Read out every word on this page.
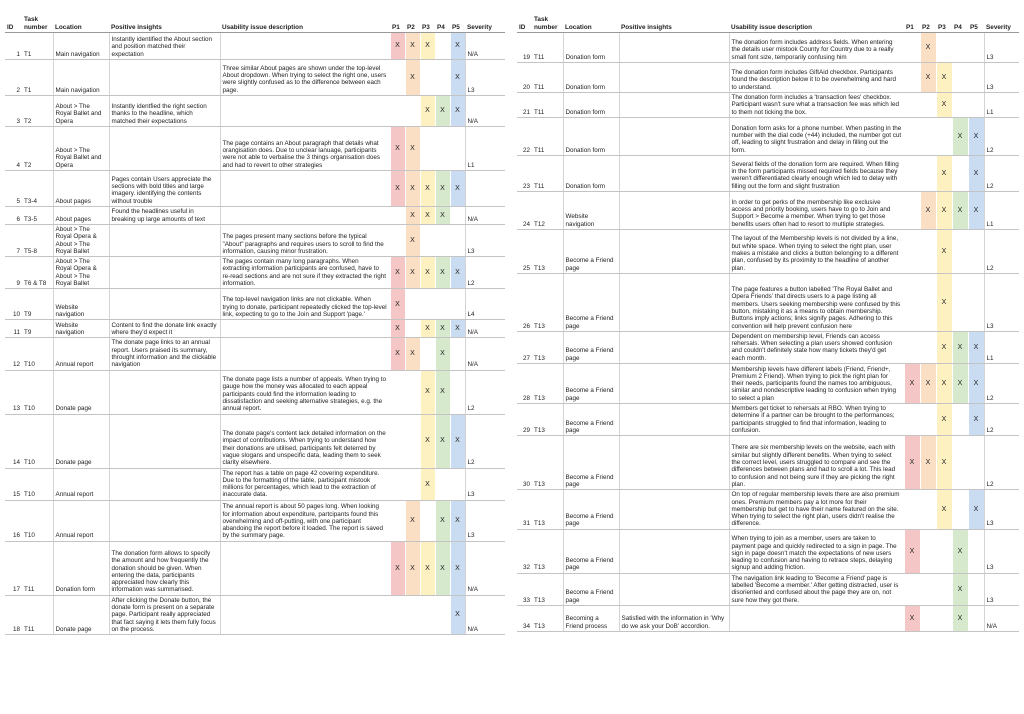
ID	Task number	Location	Positive insights	Usability issue description	P1	P2	P3	P4	P5	Severity
1	T1	Main navigation	Instantly identified the About section and position matched their expectation		X	X	X		X	N/A
2	T1	Main navigation		Three similar About pages are shown under the top-level About dropdown. When trying to select the right one, users were slightly confused as to the difference between each page.		X			X	L3
3	T2	About > The Royal Ballet and Opera	Instantly identfied the right section thanks to the headline, which matched their expectations				X	X	X	N/A
4	T2	About > The Royal Ballet and Opera		The page contains an About paragraph that details what orangisation does. Due to unclear lanuage, participants were not able to verbalise the 3 things organisation does and had to revert to other strategies	X	X				L1
5	T3-4	About pages	Pages contain Users appreciate the sections with bold titles and large imagery. identifying the contents without trouble		X	X	X	X	X	
6	T3-5	About pages	Found the headlines useful in breaking up large amounts of text			X	X	X		N/A
7	T5-8	About > The Royal Opera & About > The Royal Ballet		The pages present many sections before the typical "About" paragraphs and requires users to scroll to find the information, causing minor frustration.		X				L3
9	T6 & T8	About > The Royal Opera & About > The Royal Ballet		The pages contain many long paragraphs. When extracting information participants are confused, have to re-read sections and are not sure if they extracted the right information.	X	X	X	X	X	L2
10	T9	Website navigation		The top-level navigation links are not clickable. When trying to donate, participant repeatedly clicked the top-level link, expecting to go to the Join and Support 'page.'	X					L4
11	T9	Website navigation	Content to find the donate link exactly where they'd expect it		X		X	X	X	N/A
12	T10	Annual report	The donate page links to an annual report. Users praised its summary, throught information and the clickable navigation		X	X		X		N/A
13	T10	Donate page		The donate page lists a number of appeals. When trying to gauge how the money was allocated to each appeal participants could find the information leading to dissatisfaction and seeking alternative strategies, e.g. the annual report.			X	X		L2
14	T10	Donate page		The donate page's content lack detailed information on the impact of contributions. When trying to understand how their donations are utilised, participants felt deterred by vague slogans and unspecific data, leading them to seek clarity elsewhere.			X	X	X	L2
15	T10	Annual report		The report has a table on page 42 covering expenditure. Due to the formatting of the table, participant mistook millions for percentages, which lead to the extraction of inaccurate data.			X			L3
16	T10	Annual report		The annual report is about 50 pages long. When looking for information about expenditure, partcipants found this overwhelming and off-putting, with one participant abandoing the report before it loaded. The report is saved by the summary page.		X		X	X	L3
17	T11	Donation form	The donation form allows to specify the amount and how frequently the donation should be given. When entering the data, participants appreciated how clearly this information was summarised.		X	X	X	X	X	N/A
18	T11	Donate page	After clicking the Donate button, the donate form is present on a separate page. Participant really appreciated that fact saying it lets them fully focus on the process.						X	N/A
ID	Task number	Location	Positive insights	Usability issue description	P1	P2	P3	P4	P5	Severity
19	T11	Donation form		The donation form includes address fields. When entering the details user mistook County for Country due to a really small font size, temporarily confusing him		X				L3
20	T11	Donation form		The donation form includes GiftAid checkbox. Participants found the description below it to be overwhelming and hard to understand.		X	X			L3
21	T11	Donation form		The donation form includes a 'transaction fees' checkbox. Participant wasn't sure what a transaction fee was which led to them not ticking the box.			X			L1
22	T11	Donation form		Donation form asks for a phone number. When pasting in the number with the dial code (+44) included, the number got cut off, leading to slight frustration and delay in filling out the form.				X	X	L2
23	T11	Donation form		Several fields of the donation form are required. When filling in the form participants missed required fields because they weren't differentiated clearly enough which led to delay with filling out the form and slight frustration			X		X	L2
24	T12	Website navigation		In order to get perks of the membership like exclusive access and priority booking, users have to go to Join and Support > Become a member. When trying to get those benefits users often had to resort to multiple strategies.		X	X	X	X	L1
25	T13	Become a Friend page		The layout of the Membership levels is not divided by a line, but white space. When trying to select the right plan, user makes a mistake and clicks a button belonging to a different plan, confused by its proximity to the headline of another plan.			X			L2
26	T13	Become a Friend page		The page features a button labelled 'The Royal Ballet and Opera Friends' that directs users to a page listing all members. Users seeking membership were confused by this button, mistaking it as a means to obtain membership. Buttons imply actions; links signify pages. Adhering to this convention will help prevent confusion here			X			L3
27	T13	Become a Friend page		Dependent on membership level, Friends can access rehersals. When selecting a plan users showed confusion and couldn't definitely state how many tickets they'd get each month.			X	X	X	L1
28	T13	Become a Friend page		Membership levels have different labels (Friend, Friend+, Premium 2 Friend). When trying to pick the right plan for their needs, participants found the names too ambiguous, similar and nondescriptive leading to confusion when trying to select a plan	X	X	X	X	X	L2
29	T13	Become a Friend page		Members get ticket to rehersals at RBO. When trying to determine if a partner can be brought to the performances; participants struggled to find that information, leading to confusion.			X		X	L2
30	T13	Become a Friend page		There are six membership levels on the website, each with similar but slightly different benefits. When trying to select the correct level, users struggled to compare and see the differences between plans and had to scroll a lot. This lead to confusion and not being sure if they are picking the right plan.	X	X	X			L2
31	T13	Become a Friend page		On top of regular membership levels there are also premium ones. Premium members pay a lot more for their membership but get to have their name featured on the site. When trying to select the right plan, users didn't realise the difference.			X		X	L3
32	T13	Become a Friend page		When trying to join as a member, users are taken to payment page and quickly redirected to a sign in page. The sign in page doesn't match the expectations of new users leading to confusion and having to retrace steps, delaying signup and adding friction.	X			X		L3
33	T13	Become a Friend page		The navigation link leading to 'Become a Friend' page is labelled 'Become a member.' After getting distracted, user is disoriented and confused about the page they are on, not sure how they got there.				X		L3
34	T13	Becoming a Friend process	Satisfied with the information in 'Why do we ask your DoB' accordion.		X			X		N/A
